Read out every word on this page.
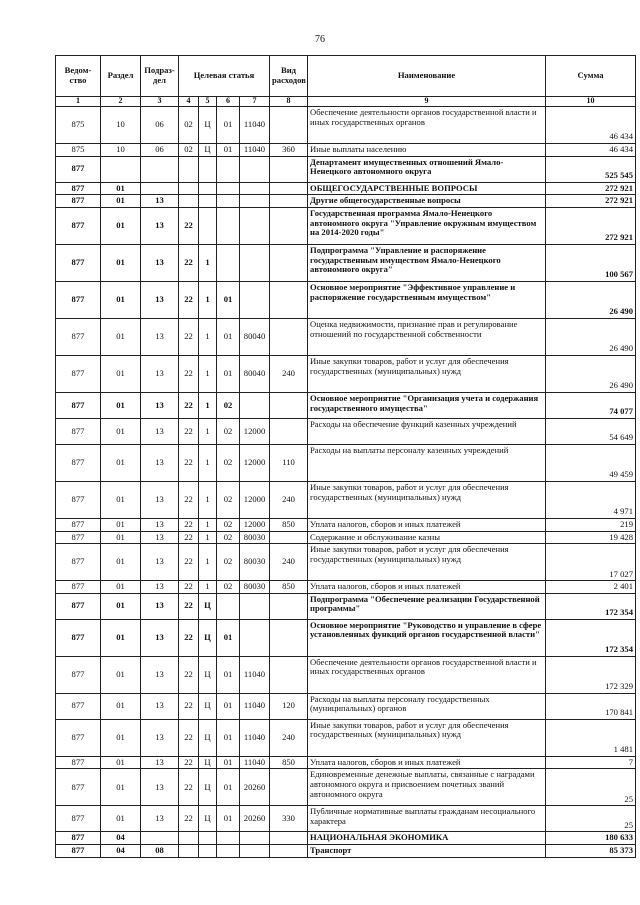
76
Ведом-ство	Раздел	Подраз-дел	Целевая статья				Вид расходов	Наименование	Сумма
1	2	3	4	5	6	7	8	9	10
875	10	06	02	Ц	01	11040		Обеспечение деятельности органов государственной власти и иных государственных органов	46 434
875	10	06	02	Ц	01	11040	360	Иные выплаты населению	46 434
877								Департамент имущественных отношений Ямало-Ненецкого автономного округа	525 545
877	01							ОБЩЕГОСУДАРСТВЕННЫЕ ВОПРОСЫ	272 921
877	01	13						Другие общегосударственные вопросы	272 921
877	01	13	22					Государственная программа Ямало-Ненецкого автономного округа "Управление окружным имуществом на 2014-2020 годы"	272 921
877	01	13	22	1				Подпрограмма "Управление и распоряжение государственным имуществом Ямало-Ненецкого автономного округа"	100 567
877	01	13	22	1	01			Основное мероприятие "Эффективное управление и распоряжение государственным имуществом"	26 490
877	01	13	22	1	01	80040		Оценка недвижимости, признание прав и регулирование отношений по государственной собственности	26 490
877	01	13	22	1	01	80040	240	Иные закупки товаров, работ и услуг для обеспечения государственных (муниципальных) нужд	26 490
877	01	13	22	1	02			Основное мероприятие "Организация учета и содержания государственного имущества"	74 077
877	01	13	22	1	02	12000		Расходы на обеспечение функций казенных учреждений	54 649
877	01	13	22	1	02	12000	110	Расходы на выплаты персоналу казенных учреждений	49 459
877	01	13	22	1	02	12000	240	Иные закупки товаров, работ и услуг для обеспечения государственных (муниципальных) нужд	4 971
877	01	13	22	1	02	12000	850	Уплата налогов, сборов и иных платежей	219
877	01	13	22	1	02	80030		Содержание и обслуживание казны	19 428
877	01	13	22	1	02	80030	240	Иные закупки товаров, работ и услуг для обеспечения государственных (муниципальных) нужд	17 027
877	01	13	22	1	02	80030	850	Уплата налогов, сборов и иных платежей	2 401
877	01	13	22	Ц				Подпрограмма "Обеспечение реализации Государственной программы"	172 354
877	01	13	22	Ц	01			Основное мероприятие "Руководство и управление в сфере установленных функций органов государственной власти"	172 354
877	01	13	22	Ц	01	11040		Обеспечение деятельности органов государственной власти и иных государственных органов	172 329
877	01	13	22	Ц	01	11040	120	Расходы на выплаты персоналу государственных (муниципальных) органов	170 841
877	01	13	22	Ц	01	11040	240	Иные закупки товаров, работ и услуг для обеспечения государственных (муниципальных) нужд	1 481
877	01	13	22	Ц	01	11040	850	Уплата налогов, сборов и иных платежей	7
877	01	13	22	Ц	01	20260		Единовременные денежные выплаты, связанные с наградами автономного округа и присвоением почетных званий автономного округа	25
877	01	13	22	Ц	01	20260	330	Публичные нормативные выплаты гражданам несоциального характера	25
877	04							НАЦИОНАЛЬНАЯ ЭКОНОМИКА	180 633
877	04	08						Транспорт	85 373
